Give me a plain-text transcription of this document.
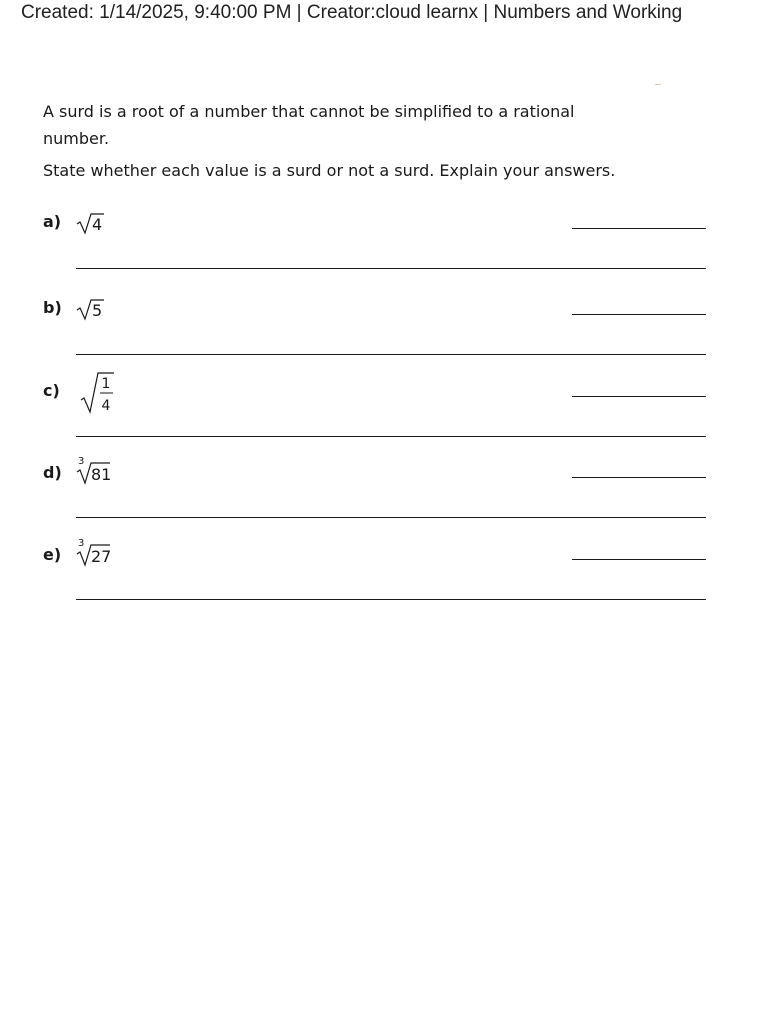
Created: 1/14/2025, 9:40:00 PM | Creator:cloud learnx | Numbers and Working
A surd is a root of a number that cannot be simplified to a rational number.
State whether each value is a surd or not a surd. Explain your answers.
a) 4
b) 5
c)	1
4
d)
3
81
e)
3
27
